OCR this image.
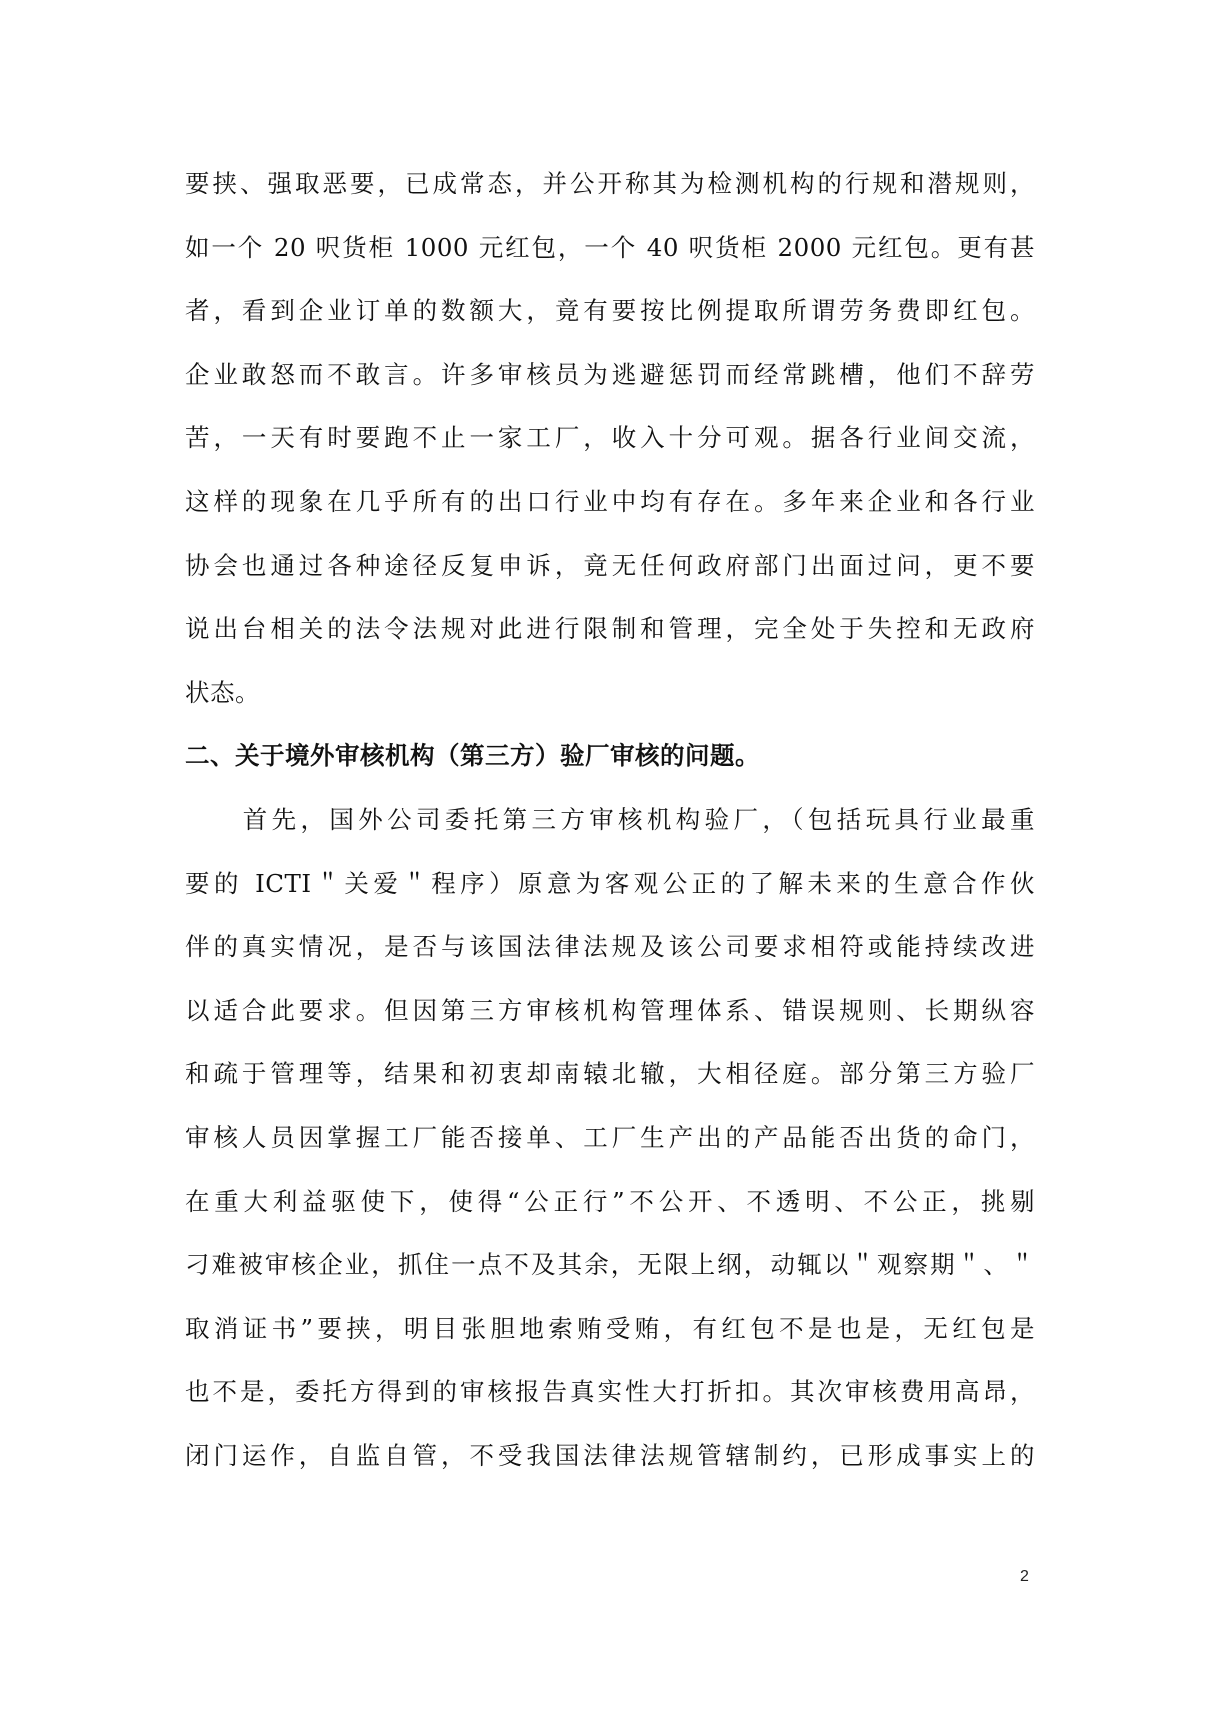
要挟、强取恶要，已成常态，并公开称其为检测机构的行规和潜规则，
如一个 20 呎货柜 1000 元红包，一个 40 呎货柜 2000 元红包。更有甚
者，看到企业订单的数额大，竟有要按比例提取所谓劳务费即红包。
企业敢怒而不敢言。许多审核员为逃避惩罚而经常跳槽，他们不辞劳
苦，一天有时要跑不止一家工厂，收入十分可观。据各行业间交流，
这样的现象在几乎所有的出口行业中均有存在。多年来企业和各行业
协会也通过各种途径反复申诉，竟无任何政府部门出面过问，更不要
说出台相关的法令法规对此进行限制和管理，完全处于失控和无政府
状态。
二、关于境外审核机构（第三方）验厂审核的问题。
　　首先，国外公司委托第三方审核机构验厂，（包括玩具行业最重
要的 ICTI＂关爱＂程序）原意为客观公正的了解未来的生意合作伙
伴的真实情况，是否与该国法律法规及该公司要求相符或能持续改进
以适合此要求。但因第三方审核机构管理体系、错误规则、长期纵容
和疏于管理等，结果和初衷却南辕北辙，大相径庭。部分第三方验厂
审核人员因掌握工厂能否接单、工厂生产出的产品能否出货的命门，
在重大利益驱使下，使得“公正行”不公开、不透明、不公正，挑剔
刁难被审核企业，抓住一点不及其余，无限上纲，动辄以＂观察期＂、＂
取消证书”要挟，明目张胆地索贿受贿，有红包不是也是，无红包是
也不是，委托方得到的审核报告真实性大打折扣。其次审核费用高昂，
闭门运作，自监自管，不受我国法律法规管辖制约，已形成事实上的
2
